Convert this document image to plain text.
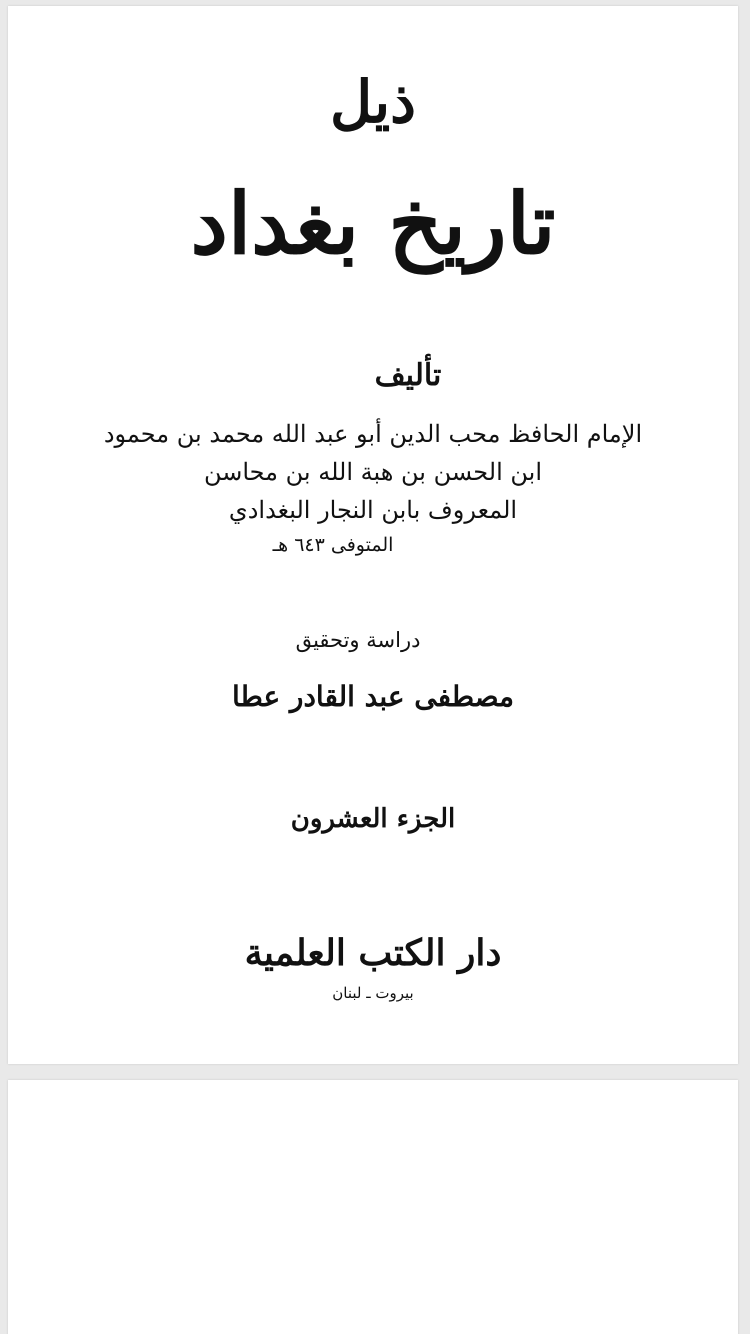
ذيل
تاريخ بغداد
تأليف
الإمام الحافظ محب الدين أبو عبد الله محمد بن محمود
ابن الحسن بن هبة الله بن محاسن
المعروف بابن النجار البغدادي
المتوفى ٦٤٣ هـ
دراسة وتحقيق
مصطفى عبد القادر عطا
الجزء العشرون
دار الكتب العلمية
بيروت ـ لبنان
